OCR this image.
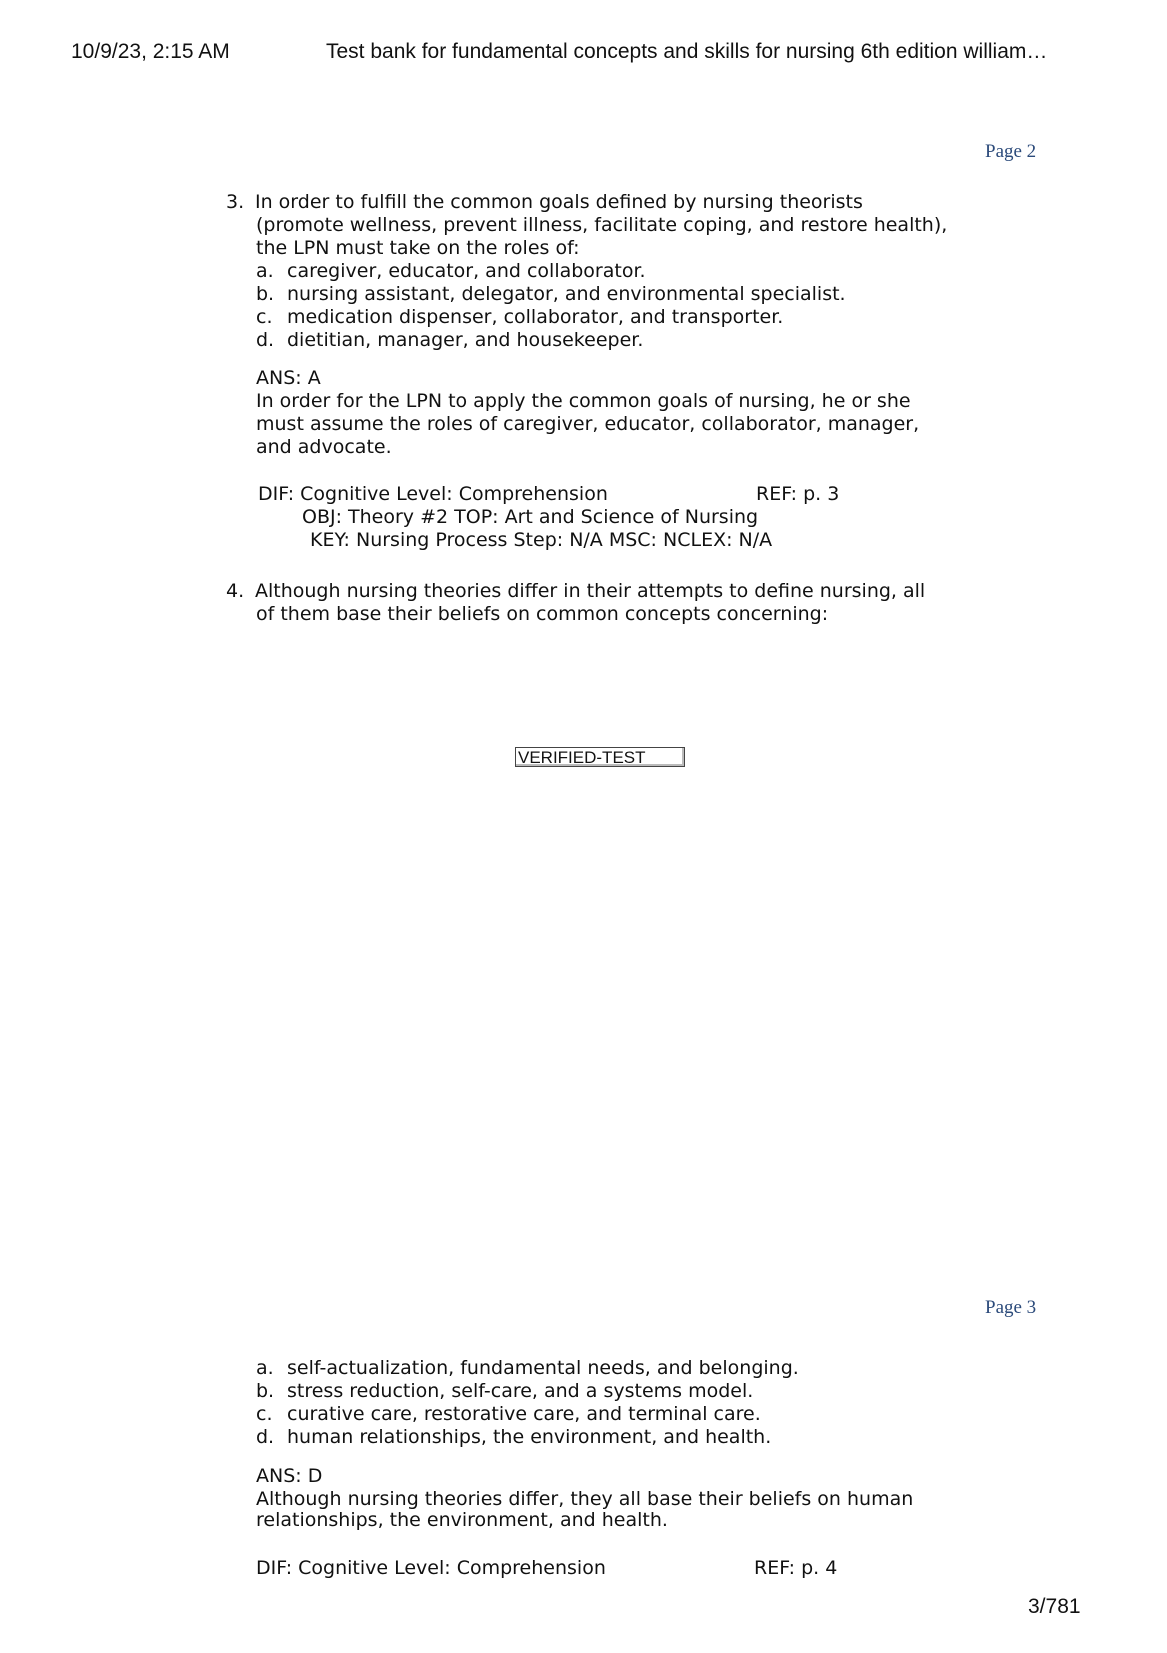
10/9/23, 2:15 AM	Test bank for fundamental concepts and skills for nursing 6th edition william…
Page 2
3. In order to fulfill the common goals defined by nursing theorists
(promote wellness, prevent illness, facilitate coping, and restore health),
the LPN must take on the roles of:
a. caregiver, educator, and collaborator.
b. nursing assistant, delegator, and environmental specialist.
c. medication dispenser, collaborator, and transporter.
d. dietitian, manager, and housekeeper.
ANS: A
In order for the LPN to apply the common goals of nursing, he or she
must assume the roles of caregiver, educator, collaborator, manager,
and advocate.
DIF: Cognitive Level: Comprehension	REF: p. 3
OBJ: Theory #2 TOP: Art and Science of Nursing
KEY: Nursing Process Step: N/A MSC: NCLEX: N/A
4. Although nursing theories differ in their attempts to define nursing, all
of them base their beliefs on common concepts concerning:
VERIFIED-TEST
Page 3
a. self-actualization, fundamental needs, and belonging.
b. stress reduction, self-care, and a systems model.
c. curative care, restorative care, and terminal care.
d. human relationships, the environment, and health.
ANS: D
Although nursing theories differ, they all base their beliefs on human
relationships, the environment, and health.
DIF: Cognitive Level: Comprehension	REF: p. 4
3/781
